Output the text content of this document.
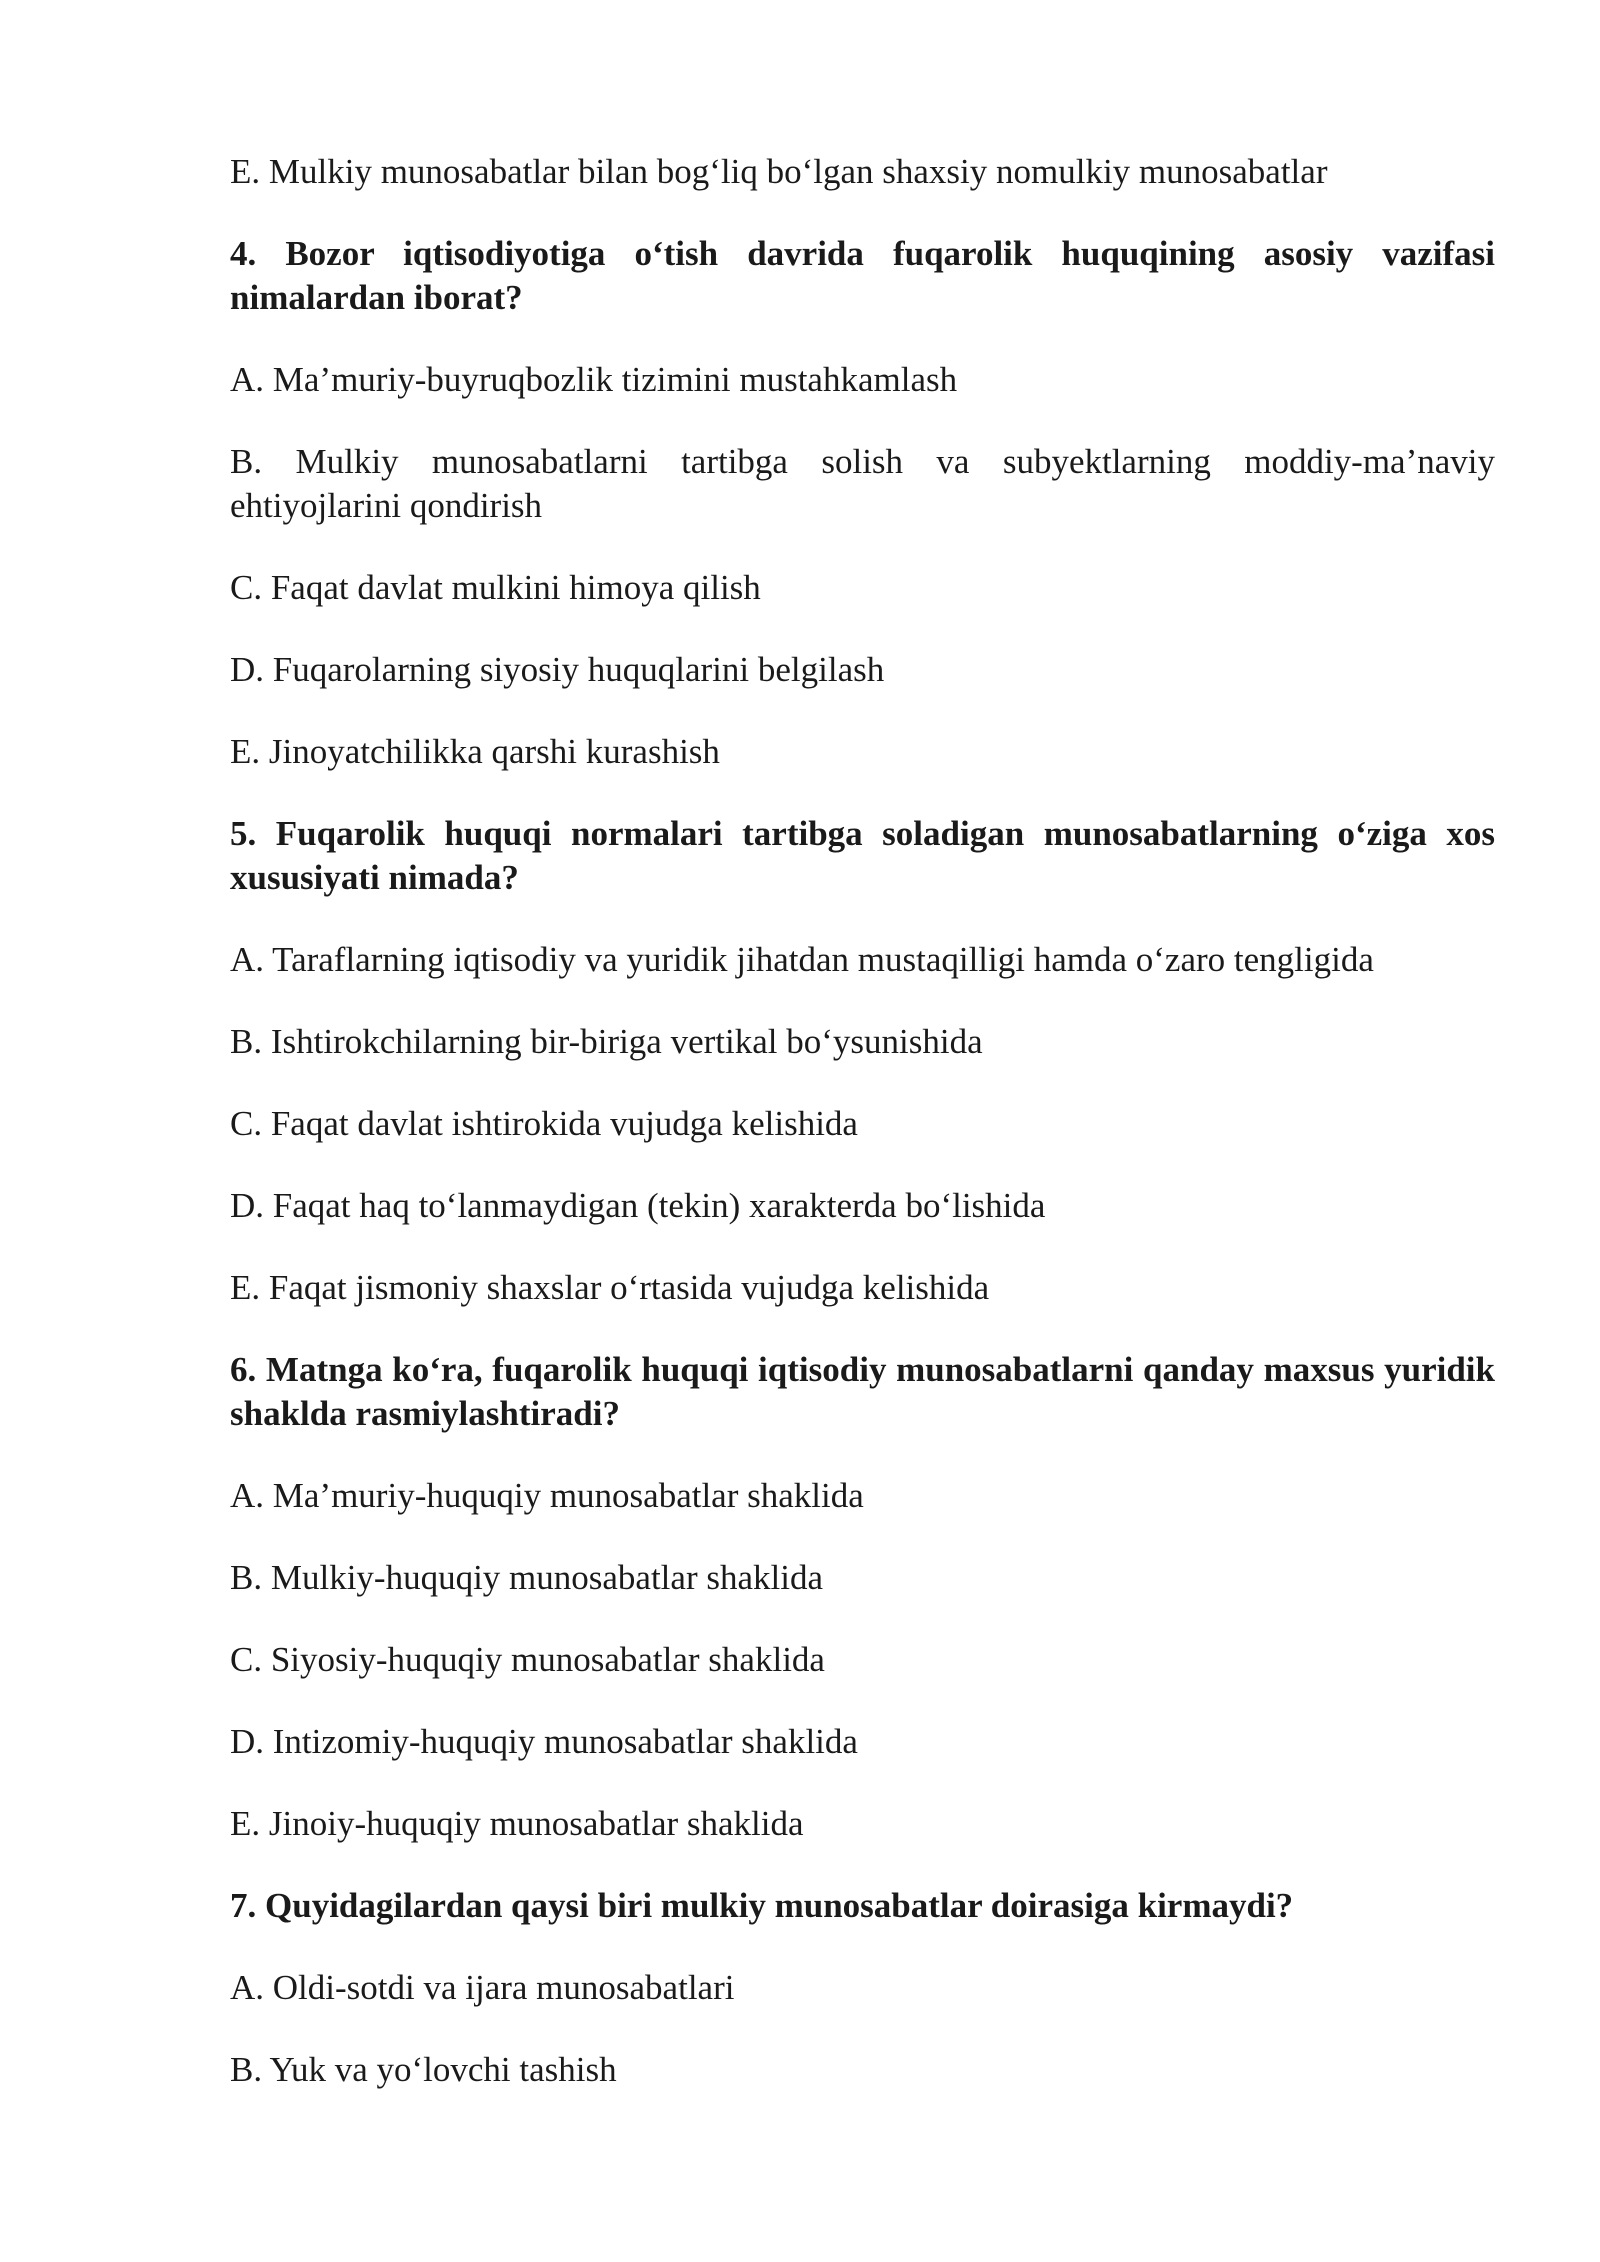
E. Mulkiy munosabatlar bilan bog‘liq bo‘lgan shaxsiy nomulkiy munosabatlar

4. Bozor iqtisodiyotiga o‘tish davrida fuqarolik huquqining asosiy vazifasi nimalardan iborat?

A. Ma’muriy-buyruqbozlik tizimini mustahkamlash

B. Mulkiy munosabatlarni tartibga solish va subyektlarning moddiy-ma’naviy ehtiyojlarini qondirish

C. Faqat davlat mulkini himoya qilish

D. Fuqarolarning siyosiy huquqlarini belgilash

E. Jinoyatchilikka qarshi kurashish

5. Fuqarolik huquqi normalari tartibga soladigan munosabatlarning o‘ziga xos xususiyati nimada?

A. Taraflarning iqtisodiy va yuridik jihatdan mustaqilligi hamda o‘zaro tengligida

B. Ishtirokchilarning bir-biriga vertikal bo‘ysunishida

C. Faqat davlat ishtirokida vujudga kelishida

D. Faqat haq to‘lanmaydigan (tekin) xarakterda bo‘lishida

E. Faqat jismoniy shaxslar o‘rtasida vujudga kelishida

6. Matnga ko‘ra, fuqarolik huquqi iqtisodiy munosabatlarni qanday maxsus yuridik shaklda rasmiylashtiradi?

A. Ma’muriy-huquqiy munosabatlar shaklida

B. Mulkiy-huquqiy munosabatlar shaklida

C. Siyosiy-huquqiy munosabatlar shaklida

D. Intizomiy-huquqiy munosabatlar shaklida

E. Jinoiy-huquqiy munosabatlar shaklida

7. Quyidagilardan qaysi biri mulkiy munosabatlar doirasiga kirmaydi?

A. Oldi-sotdi va ijara munosabatlari

B. Yuk va yo‘lovchi tashish
